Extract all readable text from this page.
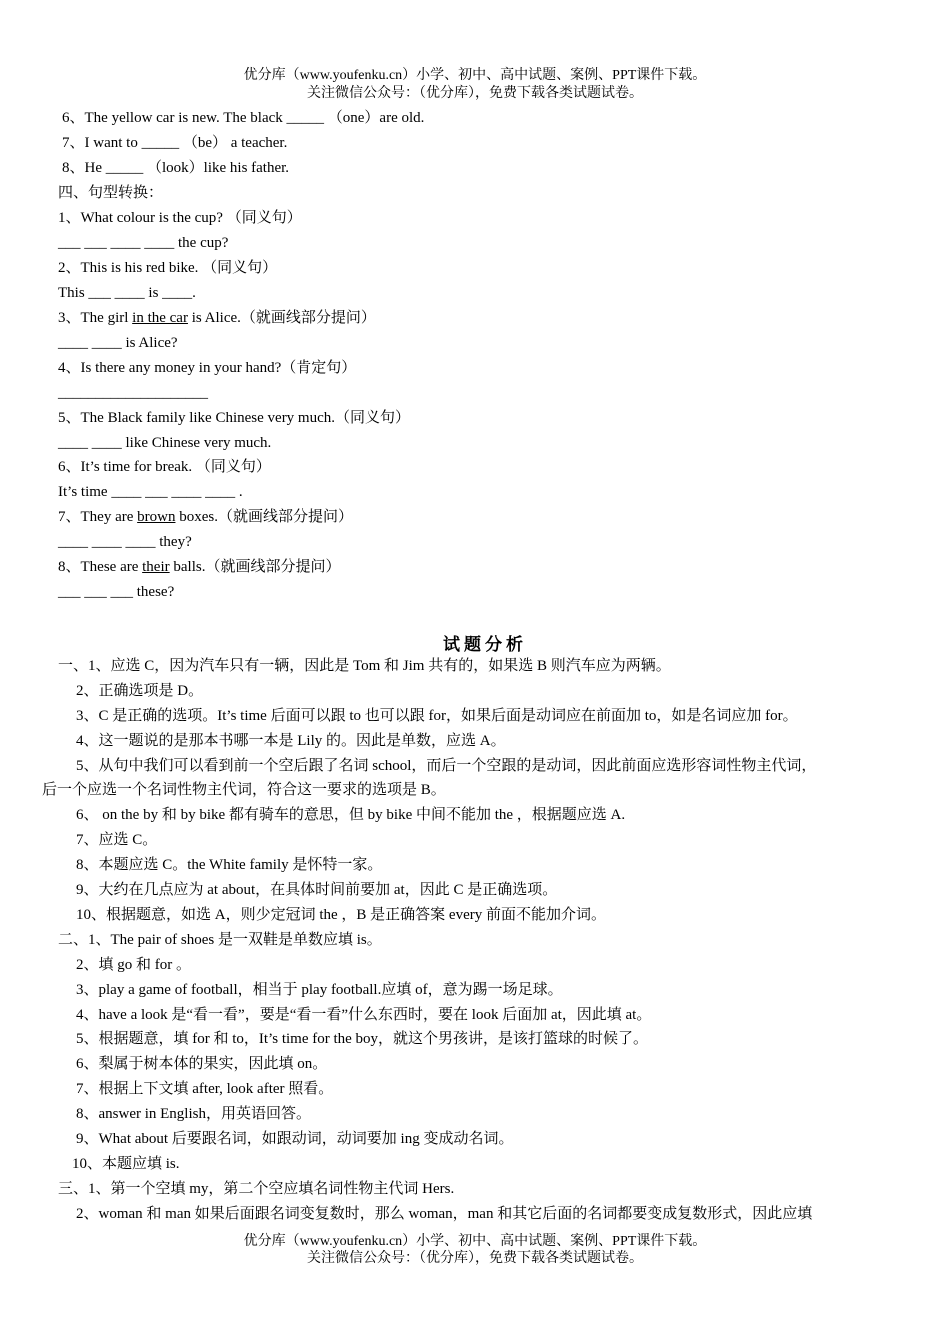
优分库（www.youfenku.cn）小学、初中、高中试题、案例、PPT课件下载。
关注微信公众号：（优分库），免费下载各类试题试卷。
6、The yellow car is new. The black _____ （one）are old.
7、I want to _____ （be） a teacher.
8、He _____ （look）like his father.
四、句型转换：
1、What colour is the cup? （同义句）
___ ___ ____ ____ the cup?
2、This is his red bike. （同义句）
This ___ ____ is ____.
3、The girl in the car is Alice.（就画线部分提问）
____ ____ is Alice?
4、Is there any money in your hand?（肯定句）
____________________
5、The Black family like Chinese very much.（同义句）
____ ____ like Chinese very much.
6、It’s time for break. （同义句）
It’s time ____ ___ ____ ____ .
7、They are brown boxes.（就画线部分提问）
____ ____ ____ they?
8、These are their balls.（就画线部分提问）
___ ___ ___ these?
试题分析
一、1、应选 C，因为汽车只有一辆，因此是 Tom 和 Jim 共有的，如果选 B 则汽车应为两辆。
2、正确选项是 D。
3、C 是正确的选项。It’s time 后面可以跟 to 也可以跟 for，如果后面是动词应在前面加 to，如是名词应加 for。
4、这一题说的是那本书哪一本是 Lily 的。因此是单数，应选 A。
5、从句中我们可以看到前一个空后跟了名词 school，而后一个空跟的是动词，因此前面应选形容词性物主代词，
后一个应选一个名词性物主代词，符合这一要求的选项是 B。
6、 on the by 和 by bike 都有骑车的意思，但 by bike 中间不能加 the ，根据题应选 A.
7、应选 C。
8、本题应选 C。the White family 是怀特一家。
9、大约在几点应为 at about，在具体时间前要加 at，因此 C 是正确选项。
10、根据题意，如选 A，则少定冠词 the ，B 是正确答案 every 前面不能加介词。
二、1、The pair of shoes 是一双鞋是单数应填 is。
2、填 go 和 for 。
3、play a game of football，相当于 play football.应填 of，意为踢一场足球。
4、have a look 是“看一看”，要是“看一看”什么东西时，要在 look 后面加 at，因此填 at。
5、根据题意，填 for 和 to，It’s time for the boy，就这个男孩讲，是该打篮球的时候了。
6、梨属于树本体的果实，因此填 on。
7、根据上下文填 after, look after 照看。
8、answer in English，用英语回答。
9、What about 后要跟名词，如跟动词，动词要加 ing 变成动名词。
10、本题应填 is.
三、1、第一个空填 my，第二个空应填名词性物主代词 Hers.
2、woman 和 man 如果后面跟名词变复数时，那么 woman，man 和其它后面的名词都要变成复数形式，因此应填
优分库（www.youfenku.cn）小学、初中、高中试题、案例、PPT课件下载。
关注微信公众号：（优分库），免费下载各类试题试卷。
